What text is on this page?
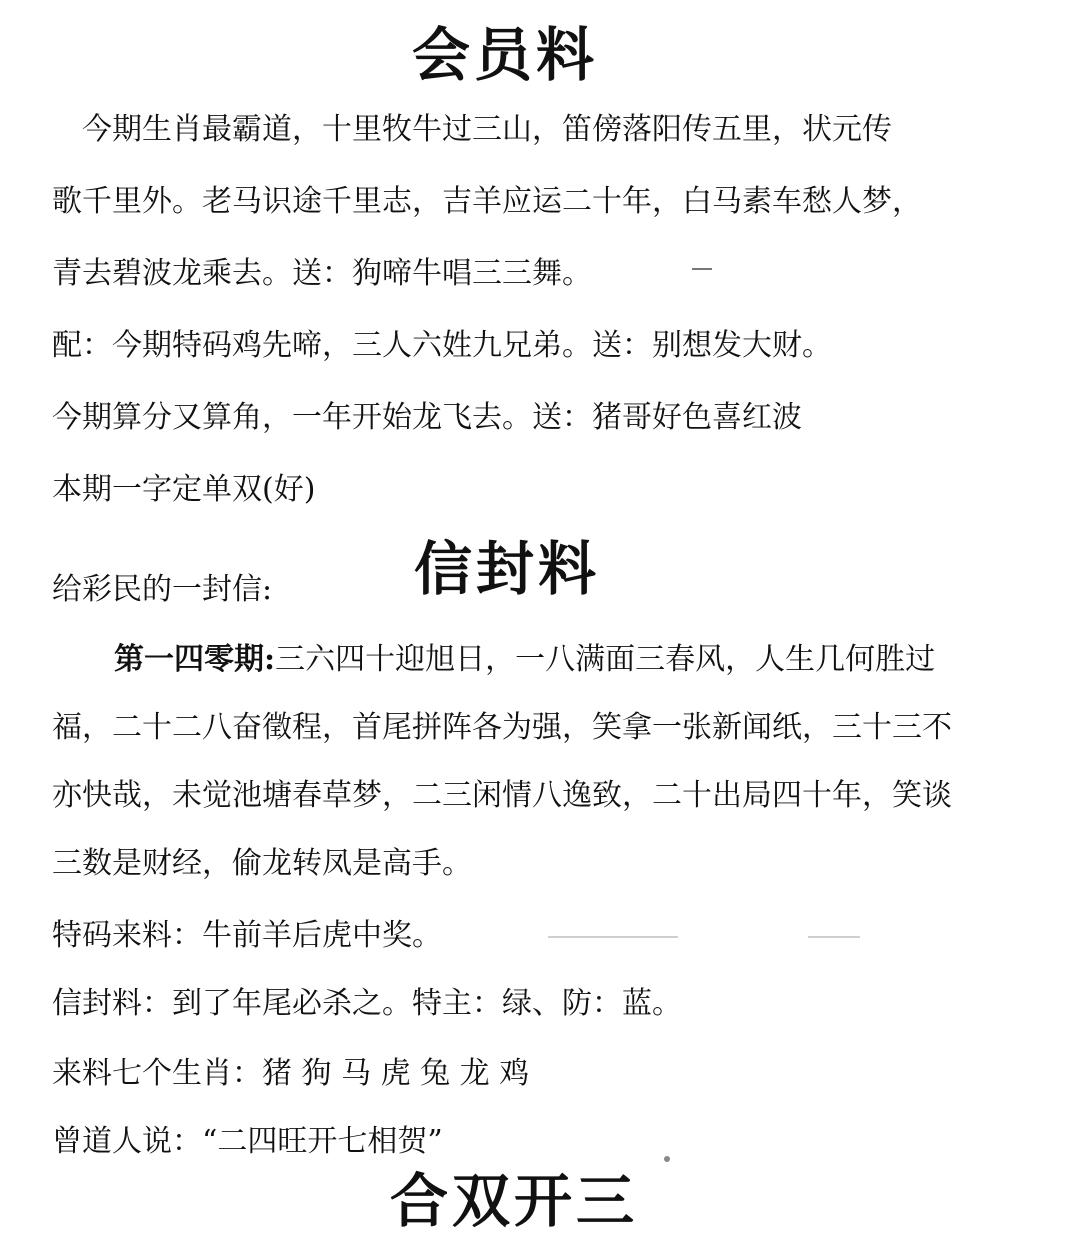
会员料

　今期生肖最霸道，十里牧牛过三山，笛傍落阳传五里，状元传

歌千里外。老马识途千里志，吉羊应运二十年，白马素车愁人梦，

青去碧波龙乘去。送：狗啼牛唱三三舞。

配：今期特码鸡先啼，三人六姓九兄弟。送：别想发大财。

今期算分又算角，一年开始龙飞去。送：猪哥好色喜红波

本期一字定单双(好)

信封料

给彩民的一封信:

第一四零期:三六四十迎旭日，一八满面三春风，人生几何胜过

福，二十二八奋徵程，首尾拼阵各为强，笑拿一张新闻纸，三十三不

亦快哉，未觉池塘春草梦，二三闲情八逸致，二十出局四十年，笑谈

三数是财经，偷龙转凤是高手。

特码来料：牛前羊后虎中奖。

信封料：到了年尾必杀之。特主：绿、防：蓝。

来料七个生肖：猪 狗 马 虎 兔 龙 鸡

曾道人说：“二四旺开七相贺”

合双开三
